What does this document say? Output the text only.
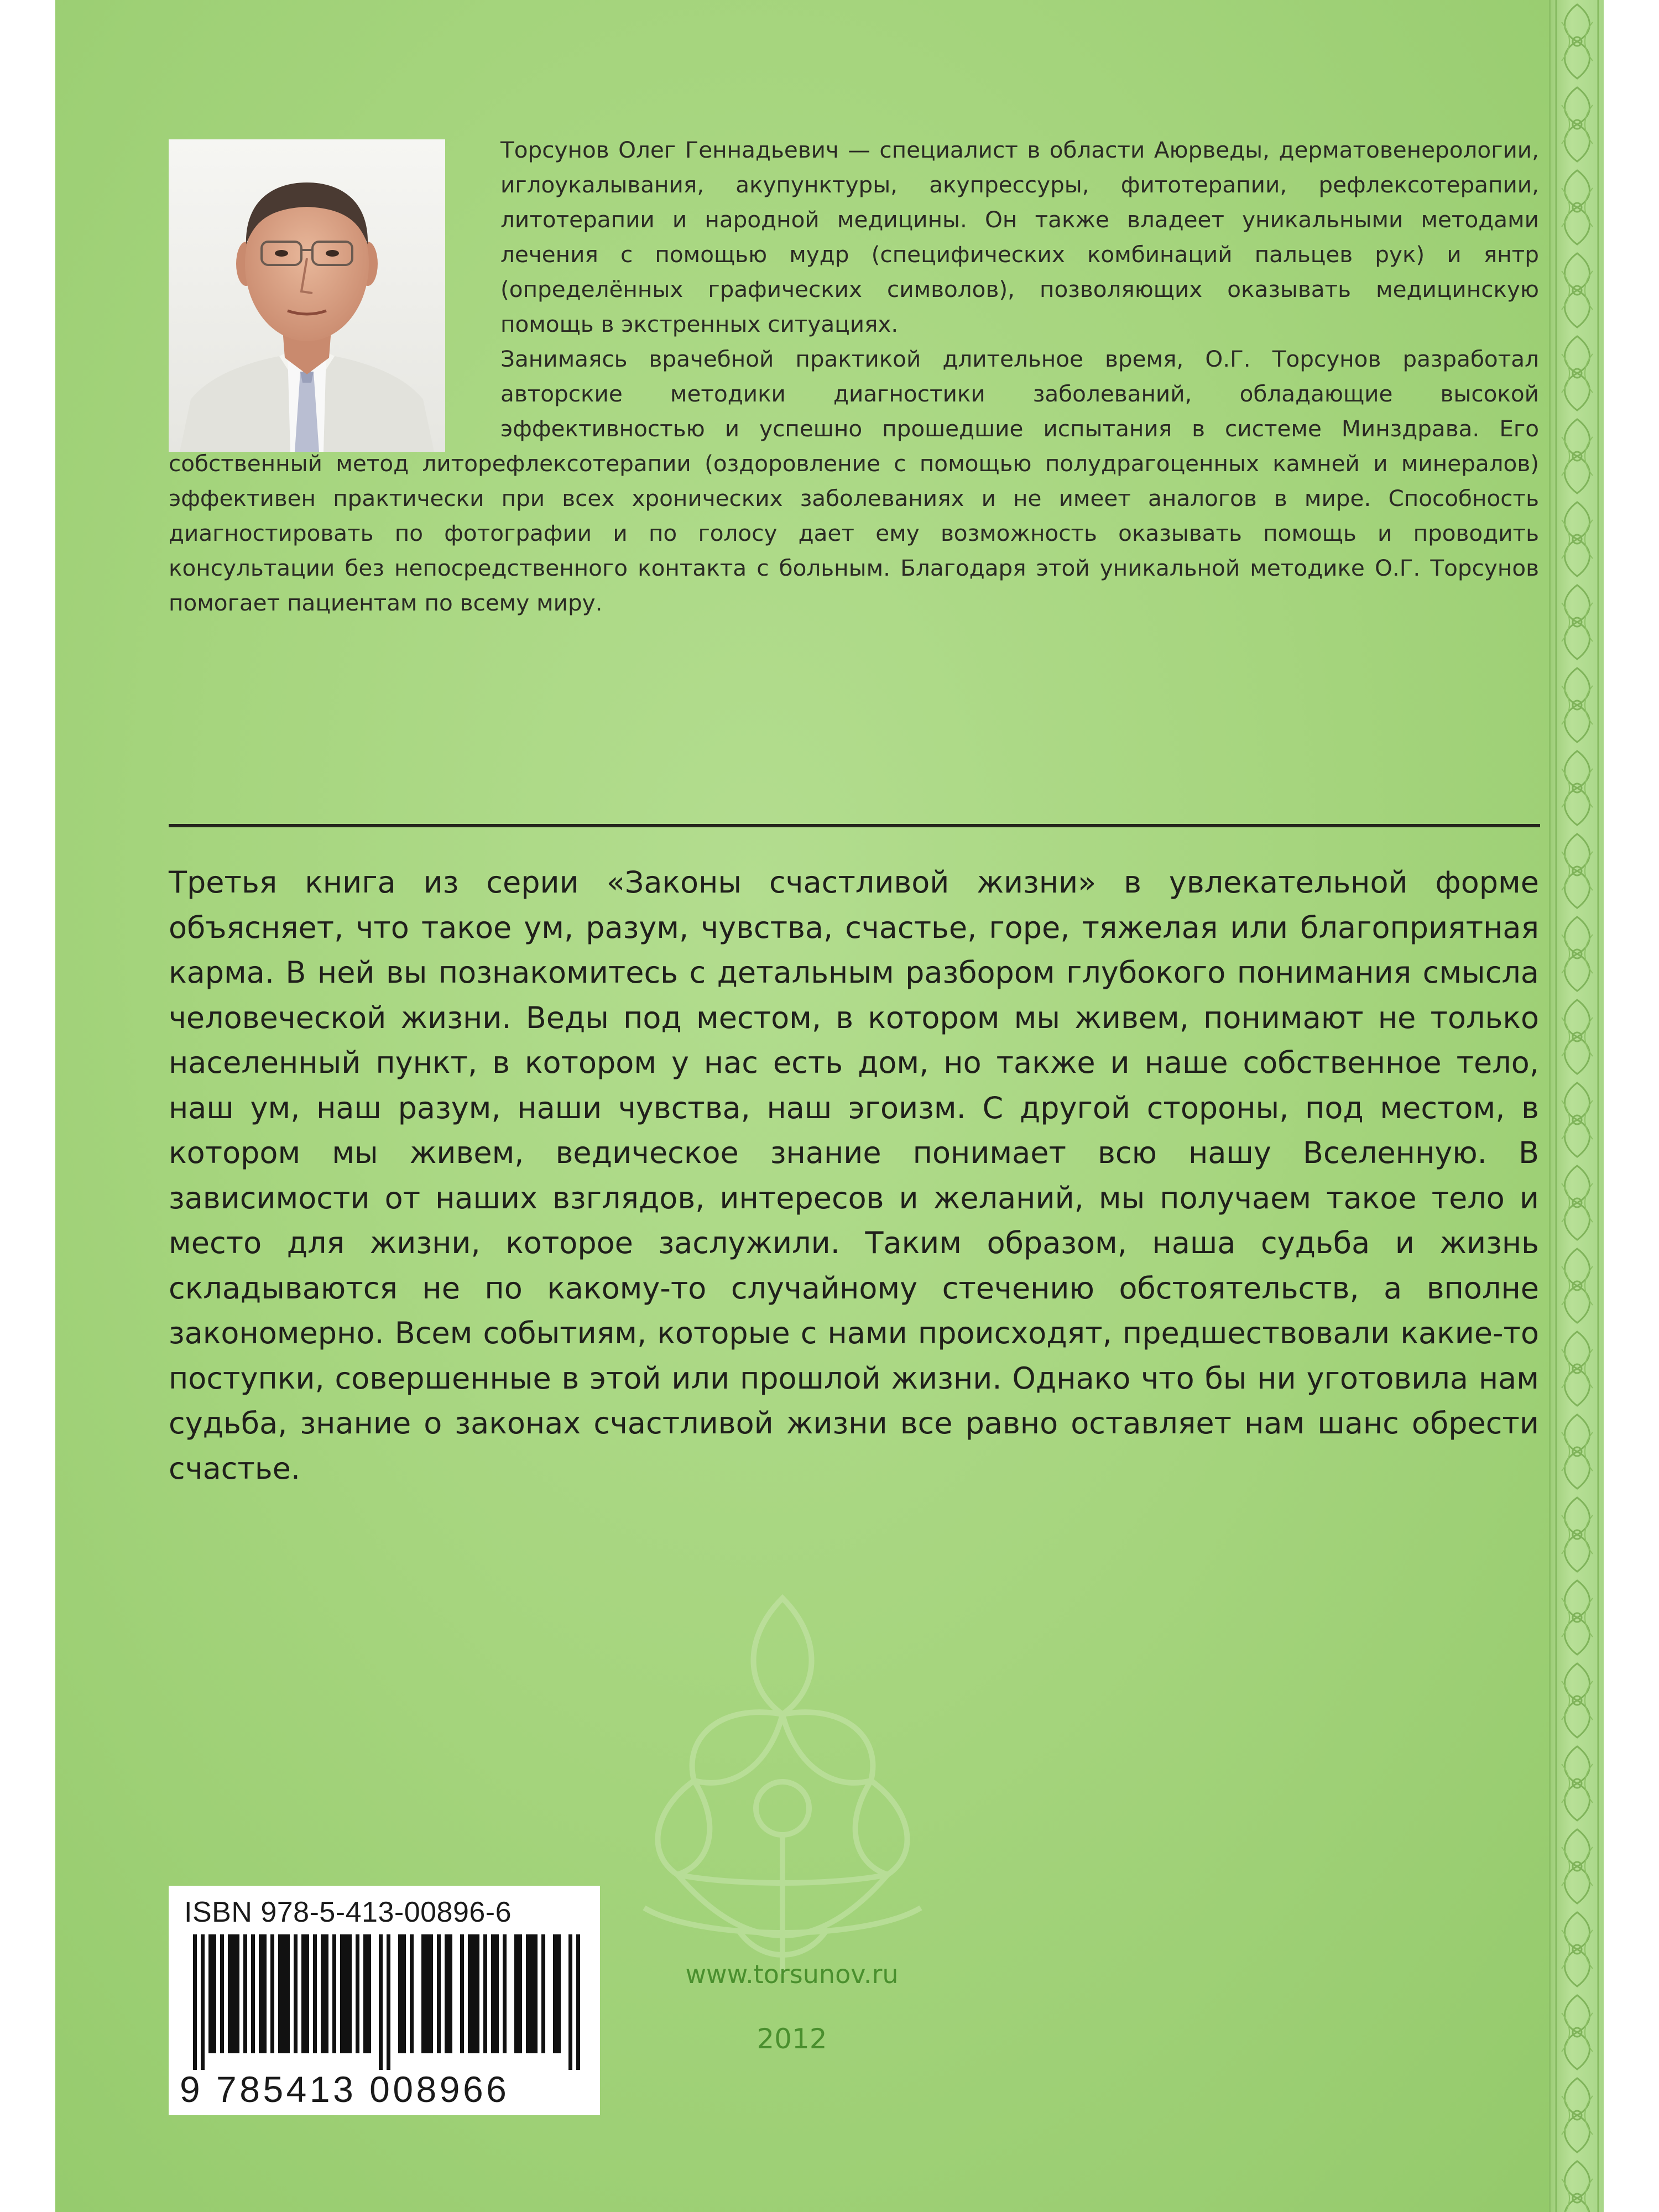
Торсунов Олег Геннадьевич — специалист в области Аюрведы, дерматовенерологии, иглоукалывания, акупунктуры, акупрессуры, фитотерапии, рефлексотерапии, литотерапии и народной медицины. Он также владеет уникальными методами лечения с помощью мудр (специфических комбинаций пальцев рук) и янтр (определённых графических символов), позволяющих оказывать медицинскую помощь в экстренных ситуациях.

Занимаясь врачебной практикой длительное время, О.Г. Торсунов разработал авторские методики диагностики заболеваний, обладающие высокой эффективностью и успешно прошедшие испытания в системе Минздрава. Его собственный метод литорефлексотерапии (оздоровление с помощью полудрагоценных камней и минералов) эффективен практически при всех хронических заболеваниях и не имеет аналогов в мире. Способность диагностировать по фотографии и по голосу дает ему возможность оказывать помощь и проводить консультации без непосредственного контакта с больным. Благодаря этой уникальной методике О.Г. Торсунов помогает пациентам по всему миру.

Третья книга из серии «Законы счастливой жизни» в увлекательной форме объясняет, что такое ум, разум, чувства, счастье, горе, тяжелая или благоприятная карма. В ней вы познакомитесь с детальным разбором глубокого понимания смысла человеческой жизни. Веды под местом, в котором мы живем, понимают не только населенный пункт, в котором у нас есть дом, но также и наше собственное тело, наш ум, наш разум, наши чувства, наш эгоизм. С другой стороны, под местом, в котором мы живем, ведическое знание понимает всю нашу Вселенную. В зависимости от наших взглядов, интересов и желаний, мы получаем такое тело и место для жизни, которое заслужили. Таким образом, наша судьба и жизнь складываются не по какому-то случайному стечению обстоятельств, а вполне закономерно. Всем событиям, которые с нами происходят, предшествовали какие-то поступки, совершенные в этой или прошлой жизни. Однако что бы ни уготовила нам судьба, знание о законах счастливой жизни все равно оставляет нам шанс обрести счастье.

ISBN 978-5-413-00896-6
9 785413 008966
www.torsunov.ru
2012
